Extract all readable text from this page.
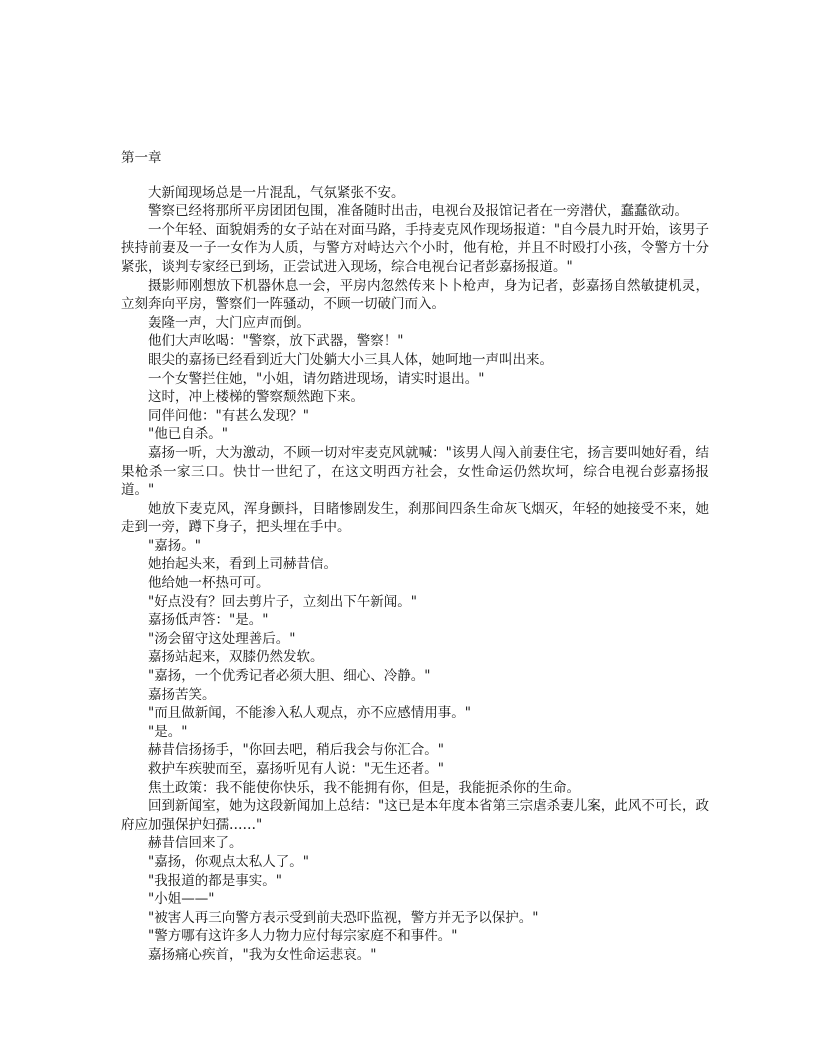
第一章

大新闻现场总是一片混乱，气氛紧张不安。

警察已经将那所平房团团包围，准备随时出击，电视台及报馆记者在一旁潜伏，蠢蠢欲动。

一个年轻、面貌娟秀的女子站在对面马路，手持麦克风作现场报道："自今晨九时开始，该男子挟持前妻及一子一女作为人质，与警方对峙达六个小时，他有枪，并且不时殴打小孩，令警方十分紧张，谈判专家经已到场，正尝试进入现场，综合电视台记者彭嘉扬报道。"

摄影师刚想放下机器休息一会，平房内忽然传来卜卜枪声，身为记者，彭嘉扬自然敏捷机灵，立刻奔向平房，警察们一阵骚动，不顾一切破门而入。

轰隆一声，大门应声而倒。

他们大声吆喝："警察，放下武器，警察！"

眼尖的嘉扬已经看到近大门处躺大小三具人体，她呵地一声叫出来。

一个女警拦住她，"小姐，请勿踏进现场，请实时退出。"

这时，冲上楼梯的警察颓然跑下来。

同伴问他："有甚么发现？"

"他已自杀。"

嘉扬一听，大为激动，不顾一切对牢麦克风就喊："该男人闯入前妻住宅，扬言要叫她好看，结果枪杀一家三口。快廿一世纪了，在这文明西方社会，女性命运仍然坎坷，综合电视台彭嘉扬报道。"

她放下麦克风，浑身颤抖，目睹惨剧发生，刹那间四条生命灰飞烟灭，年轻的她接受不来，她走到一旁，蹲下身子，把头埋在手中。

"嘉扬。"

她抬起头来，看到上司赫昔信。

他给她一杯热可可。

"好点没有？回去剪片子，立刻出下午新闻。"

嘉扬低声答："是。"

"汤会留守这处理善后。"

嘉扬站起来，双膝仍然发软。

"嘉扬，一个优秀记者必须大胆、细心、冷静。"

嘉扬苦笑。

"而且做新闻，不能渗入私人观点，亦不应感情用事。"

"是。"

赫昔信扬扬手，"你回去吧，稍后我会与你汇合。"

救护车疾驶而至，嘉扬听见有人说："无生还者。"

焦土政策：我不能使你快乐，我不能拥有你，但是，我能扼杀你的生命。

回到新闻室，她为这段新闻加上总结："这已是本年度本省第三宗虐杀妻儿案，此风不可长，政府应加强保护妇孺……"

赫昔信回来了。

"嘉扬，你观点太私人了。"

"我报道的都是事实。"

"小姐——"

"被害人再三向警方表示受到前夫恐吓监视，警方并无予以保护。"

"警方哪有这许多人力物力应付每宗家庭不和事件。"

嘉扬痛心疾首，"我为女性命运悲哀。"
